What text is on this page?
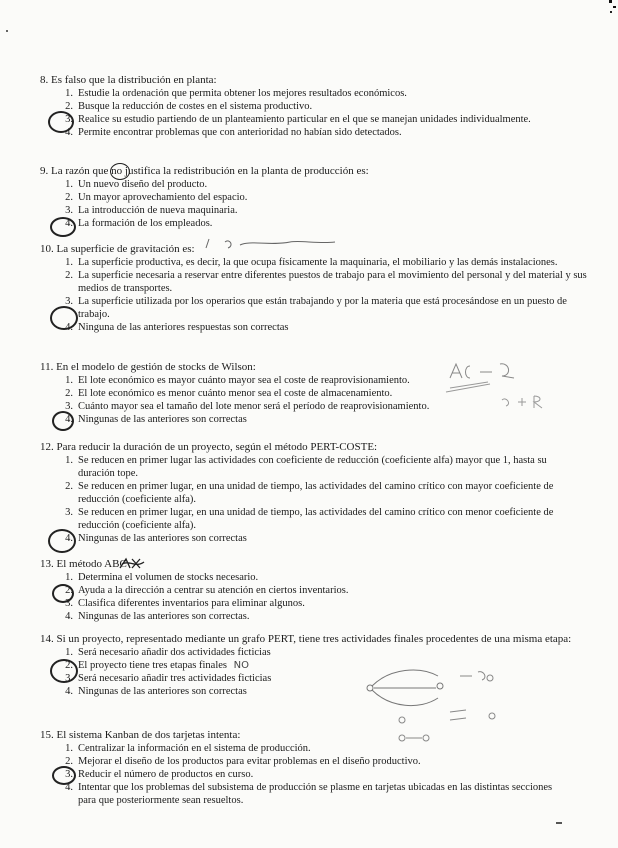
8. Es falso que la distribución en planta:
1. Estudie la ordenación que permita obtener los mejores resultados económicos.
2. Busque la reducción de costes en el sistema productivo.
3. Realice su estudio partiendo de un planteamiento particular en el que se manejan unidades individualmente.
4. Permite encontrar problemas que con anterioridad no habían sido detectados.
9. La razón que no justifica la redistribución en la planta de producción es:
1. Un nuevo diseño del producto.
2. Un mayor aprovechamiento del espacio.
3. La introducción de nueva maquinaria.
4. La formación de los empleados.
10. La superficie de gravitación es:
1. La superficie productiva, es decir, la que ocupa físicamente la maquinaria, el mobiliario y las demás instalaciones.
2. La superficie necesaria a reservar entre diferentes puestos de trabajo para el movimiento del personal y del material y sus medios de transportes.
3. La superficie utilizada por los operarios que están trabajando y por la materia que está procesándose en un puesto de trabajo.
4. Ninguna de las anteriores respuestas son correctas
11. En el modelo de gestión de stocks de Wilson:
1. El lote económico es mayor cuánto mayor sea el coste de reaprovisionamiento.
2. El lote económico es menor cuánto menor sea el coste de almacenamiento.
3. Cuánto mayor sea el tamaño del lote menor será el período de reaprovisionamiento.
4. Ningunas de las anteriores son correctas
12. Para reducir la duración de un proyecto, según el método PERT-COSTE:
1. Se reducen en primer lugar las actividades con coeficiente de reducción (coeficiente alfa) mayor que 1, hasta su duración tope.
2. Se reducen en primer lugar, en una unidad de tiempo, las actividades del camino crítico con mayor coeficiente de reducción (coeficiente alfa).
3. Se reducen en primer lugar, en una unidad de tiempo, las actividades del camino crítico con menor coeficiente de reducción (coeficiente alfa).
4. Ningunas de las anteriores son correctas
13. El método ABC
1. Determina el volumen de stocks necesario.
2. Ayuda a la dirección a centrar su atención en ciertos inventarios.
3. Clasifica diferentes inventarios para eliminar algunos.
4. Ningunas de las anteriores son correctas.
14. Si un proyecto, representado mediante un grafo PERT, tiene tres actividades finales procedentes de una misma etapa:
1. Será necesario añadir dos actividades ficticias
2. El proyecto tiene tres etapas finales NO
3. Será necesario añadir tres actividades ficticias
4. Ningunas de las anteriores son correctas
15. El sistema Kanban de dos tarjetas intenta:
1. Centralizar la información en el sistema de producción.
2. Mejorar el diseño de los productos para evitar problemas en el diseño productivo.
3. Reducir el número de productos en curso.
4. Intentar que los problemas del subsistema de producción se plasme en tarjetas ubicadas en las distintas secciones para que posteriormente sean resueltos.
